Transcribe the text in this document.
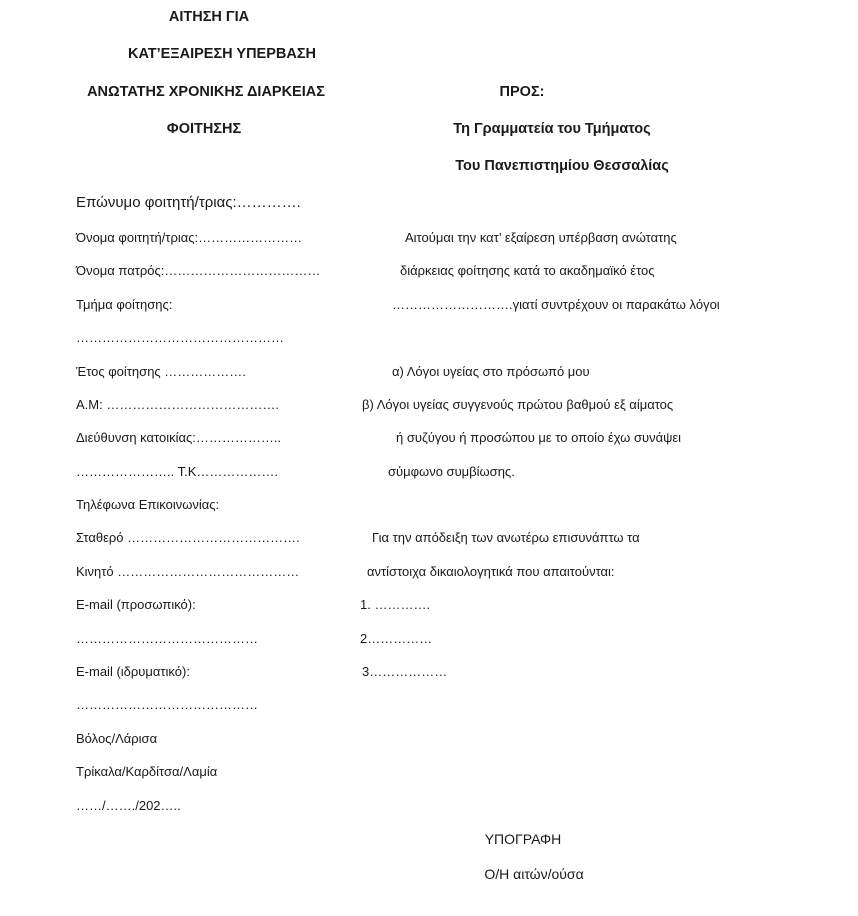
ΑΙΤΗΣΗ ΓΙΑ
ΚΑΤ’ΕΞΑΙΡΕΣΗ ΥΠΕΡΒΑΣΗ
ΑΝΩΤΑΤΗΣ ΧΡΟΝΙΚΗΣ ΔΙΑΡΚΕΙΑΣ
ΦΟΙΤΗΣΗΣ
ΠΡΟΣ:
Τη Γραμματεία του Τμήματος
Του Πανεπιστημίου Θεσσαλίας
Επώνυμο φοιτητή/τριας:………….
Όνομα φοιτητή/τριας:……………………
Όνομα πατρός:………………………………
Τμήμα φοίτησης:
…………………………………………
Έτος φοίτησης ……………….
Α.Μ: ………………………………….
Διεύθυνση κατοικίας:………………..
………………….. Τ.Κ……………….
Τηλέφωνα Επικοινωνίας:
Σταθερό ………………………………….
Κινητό ……………………………………
E-mail (προσωπικό):
……………………………………
E-mail (ιδρυματικό):
……………………………………
Βόλος/Λάρισα
Τρίκαλα/Καρδίτσα/Λαμία
……/……./202…..
Αιτούμαι την κατ’ εξαίρεση υπέρβαση ανώτατης
διάρκειας φοίτησης κατά το ακαδημαϊκό έτος
……………………….γιατί συντρέχουν οι παρακάτω λόγοι
α) Λόγοι υγείας στο πρόσωπό μου
β) Λόγοι υγείας συγγενούς πρώτου βαθμού εξ αίματος
ή συζύγου ή προσώπου με το οποίο έχω συνάψει
σύμφωνο συμβίωσης.
Για την απόδειξη των ανωτέρω επισυνάπτω τα
αντίστοιχα δικαιολογητικά που απαιτούνται:
1. ………….
2……………
3………………
ΥΠΟΓΡΑΦΗ
Ο/Η αιτών/ούσα
